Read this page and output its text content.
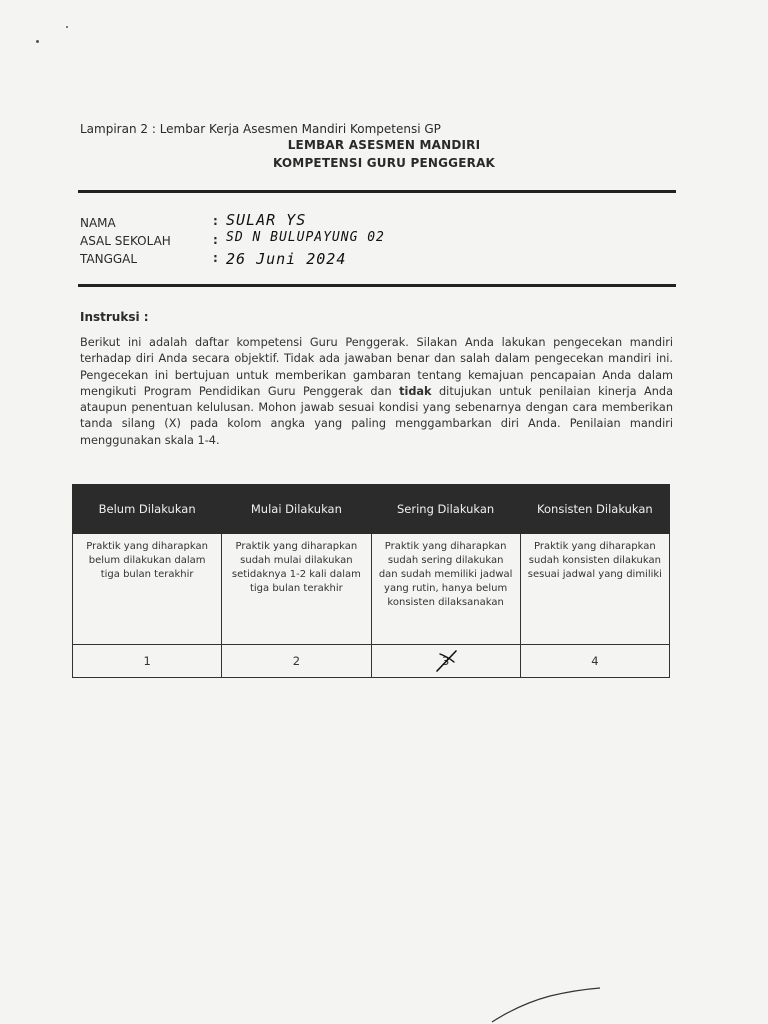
Lampiran 2 : Lembar Kerja Asesmen Mandiri Kompetensi GP
LEMBAR ASESMEN MANDIRI
KOMPETENSI GURU PENGGERAK
NAMA	: SULAR YS
ASAL SEKOLAH	: SD N BULUPAYUNG 02
TANGGAL	: 26 Juni 2024
Instruksi :
Berikut ini adalah daftar kompetensi Guru Penggerak. Silakan Anda lakukan pengecekan mandiri terhadap diri Anda secara objektif. Tidak ada jawaban benar dan salah dalam pengecekan mandiri ini. Pengecekan ini bertujuan untuk memberikan gambaran tentang kemajuan pencapaian Anda dalam mengikuti Program Pendidikan Guru Penggerak dan tidak ditujukan untuk penilaian kinerja Anda ataupun penentuan kelulusan. Mohon jawab sesuai kondisi yang sebenarnya dengan cara memberikan tanda silang (X) pada kolom angka yang paling menggambarkan diri Anda. Penilaian mandiri menggunakan skala 1-4.
Belum Dilakukan	Mulai Dilakukan	Sering Dilakukan	Konsisten Dilakukan
Praktik yang diharapkan belum dilakukan dalam tiga bulan terakhir	Praktik yang diharapkan sudah mulai dilakukan setidaknya 1-2 kali dalam tiga bulan terakhir	Praktik yang diharapkan sudah sering dilakukan dan sudah memiliki jadwal yang rutin, hanya belum konsisten dilaksanakan	Praktik yang diharapkan sudah konsisten dilakukan sesuai jadwal yang dimiliki
1	2	3	4
